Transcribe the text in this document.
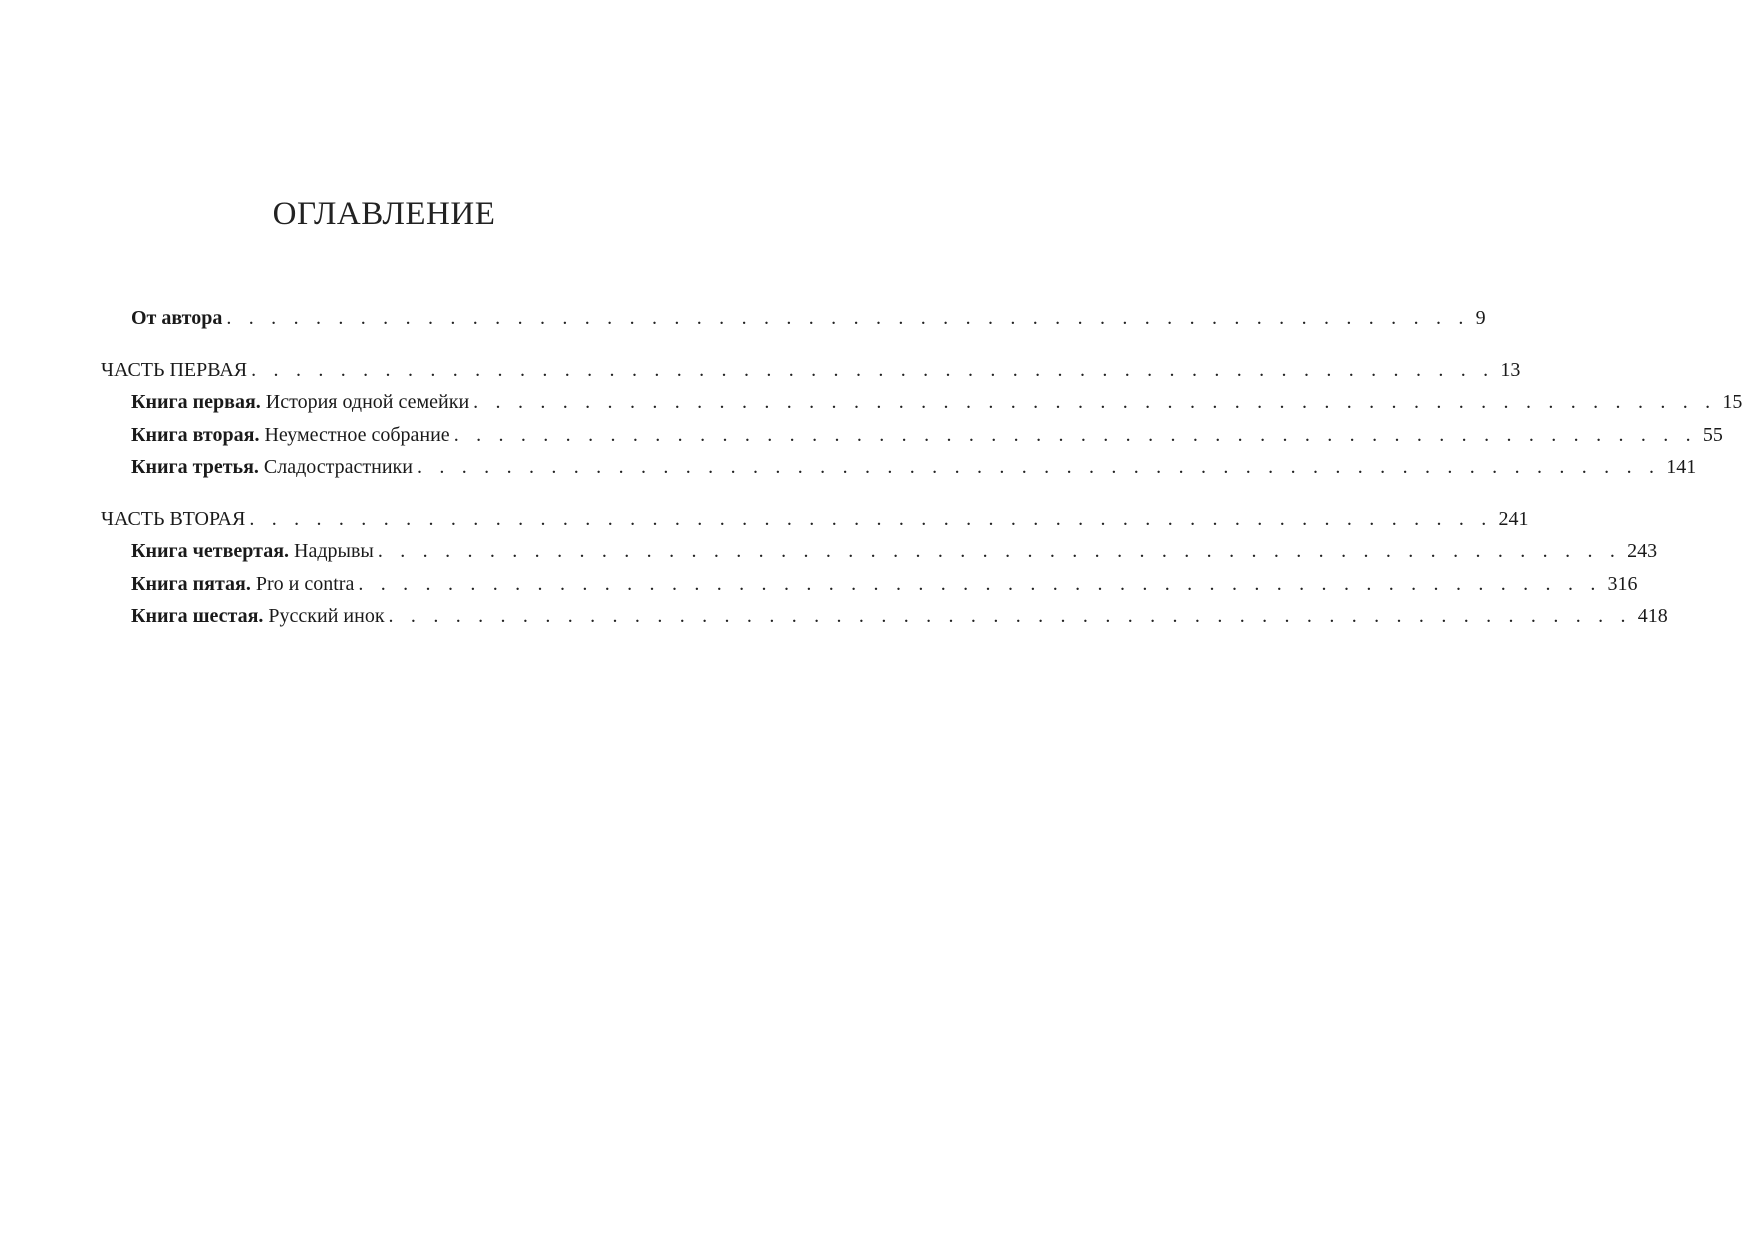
ОГЛАВЛЕНИЕ
От автора . . . . . . . . . . . . . . . . . . . . . . . . . . . . . . . . . . . . . . . . . . . . . . . . . . . . . . . . 9
ЧАСТЬ ПЕРВАЯ . . . . . . . . . . . . . . . . . . . . . . . . . . . . . . . . . . . . . . . . . . . . . . . . . . . . . . . . 13
Книга первая. История одной семейки . . . . . . . . . . . . . . . . . . . . . . . . . . . . . . . . . . . . . . . . . . . . . . . . . . . . . . . . 15
Книга вторая. Неуместное собрание . . . . . . . . . . . . . . . . . . . . . . . . . . . . . . . . . . . . . . . . . . . . . . . . . . . . . . . . 55
Книга третья. Сладострастники . . . . . . . . . . . . . . . . . . . . . . . . . . . . . . . . . . . . . . . . . . . . . . . . . . . . . . . . 141
ЧАСТЬ ВТОРАЯ . . . . . . . . . . . . . . . . . . . . . . . . . . . . . . . . . . . . . . . . . . . . . . . . . . . . . . . . 241
Книга четвертая. Надрывы . . . . . . . . . . . . . . . . . . . . . . . . . . . . . . . . . . . . . . . . . . . . . . . . . . . . . . . . 243
Книга пятая. Pro и contra . . . . . . . . . . . . . . . . . . . . . . . . . . . . . . . . . . . . . . . . . . . . . . . . . . . . . . . . 316
Книга шестая. Русский инок . . . . . . . . . . . . . . . . . . . . . . . . . . . . . . . . . . . . . . . . . . . . . . . . . . . . . . . . 418
